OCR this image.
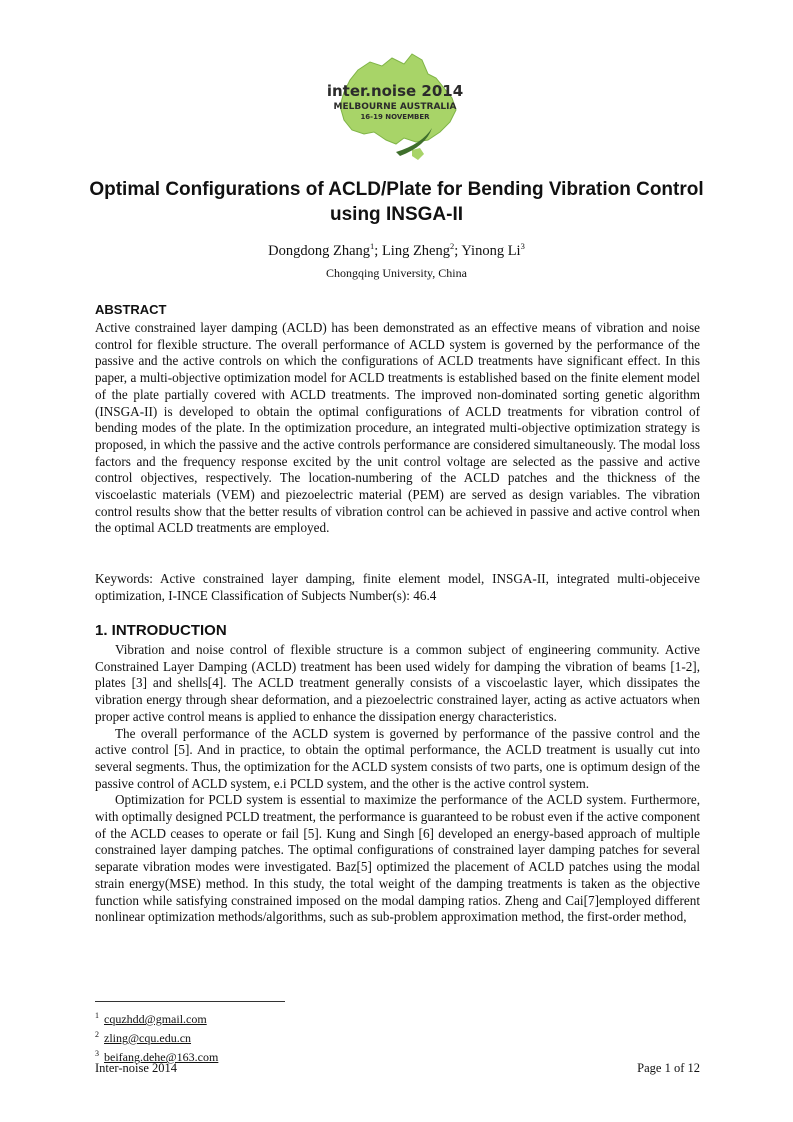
inter.noise 2014
MELBOURNE AUSTRALIA
16-19 NOVEMBER
Optimal Configurations of ACLD/Plate for Bending Vibration Control using INSGA-II
Dongdong Zhang$^1$; Ling Zheng$^2$; Yinong Li$^3$
Chongqing University, China
ABSTRACT

Active constrained layer damping (ACLD) has been demonstrated as an effective means of vibration and noise control for flexible structure. The overall performance of ACLD system is governed by the performance of the passive and the active controls on which the configurations of ACLD treatments have significant effect. In this paper, a multi-objective optimization model for ACLD treatments is established based on the finite element model of the plate partially covered with ACLD treatments. The improved non-dominated sorting genetic algorithm (INSGA-II) is developed to obtain the optimal configurations of ACLD treatments for vibration control of bending modes of the plate. In the optimization procedure, an integrated multi-objective optimization strategy is proposed, in which the passive and the active controls performance are considered simultaneously. The modal loss factors and the frequency response excited by the unit control voltage are selected as the passive and active control objectives, respectively. The location-numbering of the ACLD patches and the thickness of the viscoelastic materials (VEM) and piezoelectric material (PEM) are served as design variables. The vibration control results show that the better results of vibration control can be achieved in passive and active control when the optimal ACLD treatments are employed.

Keywords: Active constrained layer damping, finite element model, INSGA-II, integrated multi-objeceive optimization, I-INCE Classification of Subjects Number(s): 46.4

1. INTRODUCTION

Vibration and noise control of flexible structure is a common subject of engineering community. Active Constrained Layer Damping (ACLD) treatment has been used widely for damping the vibration of beams [1-2], plates [3] and shells[4]. The ACLD treatment generally consists of a viscoelastic layer, which dissipates the vibration energy through shear deformation, and a piezoelectric constrained layer, acting as active actuators when proper active control means is applied to enhance the dissipation energy characteristics.

The overall performance of the ACLD system is governed by performance of the passive control and the active control [5]. And in practice, to obtain the optimal performance, the ACLD treatment is usually cut into several segments. Thus, the optimization for the ACLD system consists of two parts, one is optimum design of the passive control of ACLD system, e.i PCLD system, and the other is the active control system.

Optimization for PCLD system is essential to maximize the performance of the ACLD system. Furthermore, with optimally designed PCLD treatment, the performance is guaranteed to be robust even if the active component of the ACLD ceases to operate or fail [5]. Kung and Singh [6] developed an energy-based approach of multiple constrained layer damping patches. The optimal configurations of constrained layer damping patches for several separate vibration modes were investigated. Baz[5] optimized the placement of ACLD patches using the modal strain energy(MSE) method. In this study, the total weight of the damping treatments is taken as the objective function while satisfying constrained imposed on the modal damping ratios. Zheng and Cai[7]employed different nonlinear optimization methods/algorithms, such as sub-problem approximation method, the first-order method,

$^1$ cquzhdd@gmail.com
$^2$ zling@cqu.edu.cn
$^3$ beifang.dehe@163.com
Inter-noise 2014	Page 1 of 12
